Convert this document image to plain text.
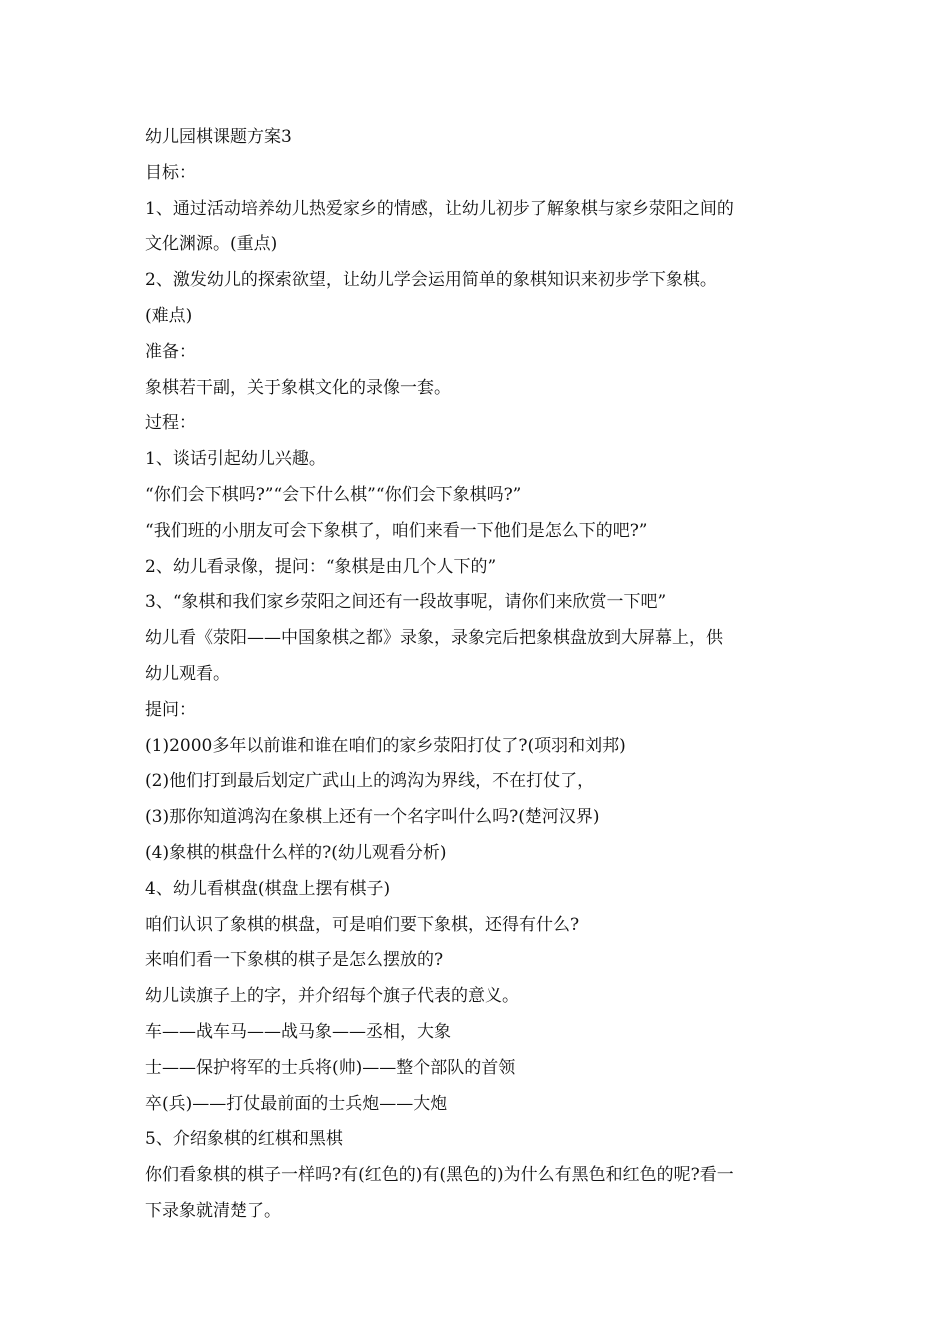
幼儿园棋课题方案3
目标：
1、通过活动培养幼儿热爱家乡的情感，让幼儿初步了解象棋与家乡荥阳之间的
文化渊源。(重点)
2、激发幼儿的探索欲望，让幼儿学会运用简单的象棋知识来初步学下象棋。
(难点)
准备：
象棋若干副，关于象棋文化的录像一套。
过程：
1、谈话引起幼儿兴趣。
“你们会下棋吗?”“会下什么棋”“你们会下象棋吗?”
“我们班的小朋友可会下象棋了，咱们来看一下他们是怎么下的吧?”
2、幼儿看录像，提问：“象棋是由几个人下的”
3、“象棋和我们家乡荥阳之间还有一段故事呢，请你们来欣赏一下吧”
幼儿看《荥阳——中国象棋之都》录象，录象完后把象棋盘放到大屏幕上，供
幼儿观看。
提问：
(1)2000多年以前谁和谁在咱们的家乡荥阳打仗了?(项羽和刘邦)
(2)他们打到最后划定广武山上的鸿沟为界线，不在打仗了，
(3)那你知道鸿沟在象棋上还有一个名字叫什么吗?(楚河汉界)
(4)象棋的棋盘什么样的?(幼儿观看分析)
4、幼儿看棋盘(棋盘上摆有棋子)
咱们认识了象棋的棋盘，可是咱们要下象棋，还得有什么?
来咱们看一下象棋的棋子是怎么摆放的?
幼儿读旗子上的字，并介绍每个旗子代表的意义。
车——战车马——战马象——丞相，大象
士——保护将军的士兵将(帅)——整个部队的首领
卒(兵)——打仗最前面的士兵炮——大炮
5、介绍象棋的红棋和黑棋
你们看象棋的棋子一样吗?有(红色的)有(黑色的)为什么有黑色和红色的呢?看一
下录象就清楚了。
